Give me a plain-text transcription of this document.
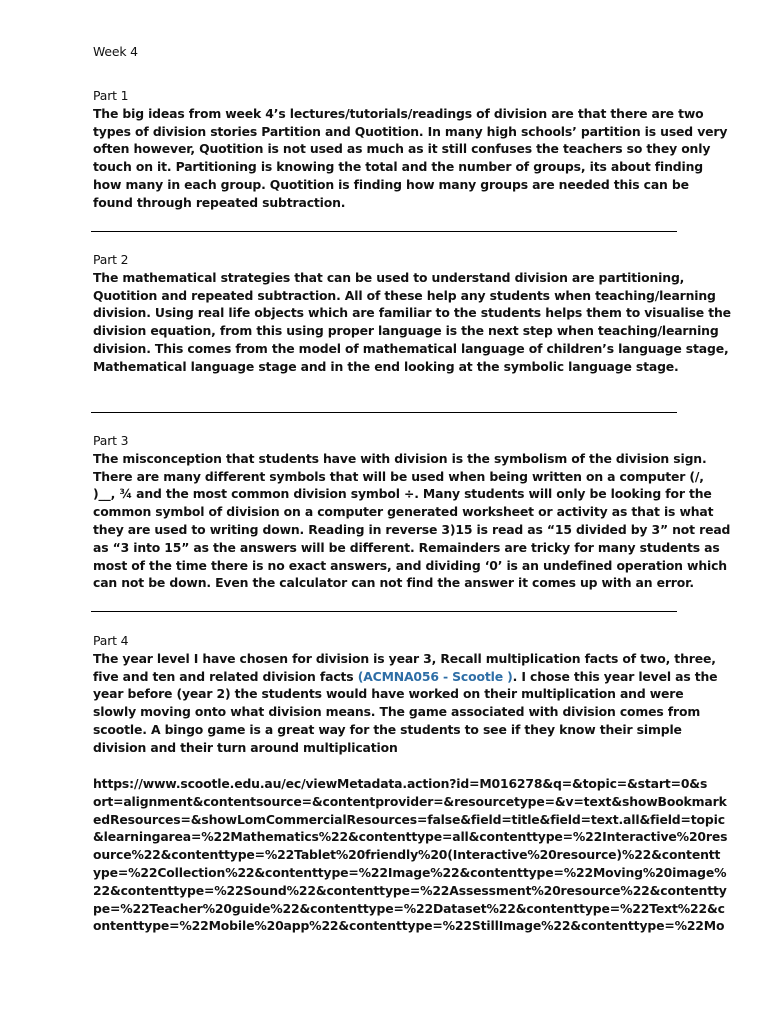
Week 4

Part 1
The big ideas from week 4’s lectures/tutorials/readings of division are that there are two
types of division stories Partition and Quotition. In many high schools’ partition is used very
often however, Quotition is not used as much as it still confuses the teachers so they only
touch on it. Partitioning is knowing the total and the number of groups, its about finding
how many in each group. Quotition is finding how many groups are needed this can be
found through repeated subtraction.
Part 2
The mathematical strategies that can be used to understand division are partitioning,
Quotition and repeated subtraction. All of these help any students when teaching/learning
division. Using real life objects which are familiar to the students helps them to visualise the
division equation, from this using proper language is the next step when teaching/learning
division. This comes from the model of mathematical language of children’s language stage,
Mathematical language stage and in the end looking at the symbolic language stage.
Part 3
The misconception that students have with division is the symbolism of the division sign.
There are many different symbols that will be used when being written on a computer (/,
)__, ¾ and the most common division symbol ÷. Many students will only be looking for the
common symbol of division on a computer generated worksheet or activity as that is what
they are used to writing down. Reading in reverse 3)15 is read as “15 divided by 3” not read
as “3 into 15” as the answers will be different. Remainders are tricky for many students as
most of the time there is no exact answers, and dividing ‘0’ is an undefined operation which
can not be down. Even the calculator can not find the answer it comes up with an error.
Part 4
The year level I have chosen for division is year 3, Recall multiplication facts of two, three,
five and ten and related division facts (ACMNA056 - Scootle ). I chose this year level as the
year before (year 2) the students would have worked on their multiplication and were
slowly moving onto what division means. The game associated with division comes from
scootle. A bingo game is a great way for the students to see if they know their simple
division and their turn around multiplication
https://www.scootle.edu.au/ec/viewMetadata.action?id=M016278&q=&topic=&start=0&s
ort=alignment&contentsource=&contentprovider=&resourcetype=&v=text&showBookmark
edResources=&showLomCommercialResources=false&field=title&field=text.all&field=topic
&learningarea=%22Mathematics%22&contenttype=all&contenttype=%22Interactive%20res
ource%22&contenttype=%22Tablet%20friendly%20(Interactive%20resource)%22&contentt
ype=%22Collection%22&contenttype=%22Image%22&contenttype=%22Moving%20image%
22&contenttype=%22Sound%22&contenttype=%22Assessment%20resource%22&contentty
pe=%22Teacher%20guide%22&contenttype=%22Dataset%22&contenttype=%22Text%22&c
ontenttype=%22Mobile%20app%22&contenttype=%22StillImage%22&contenttype=%22Mo
